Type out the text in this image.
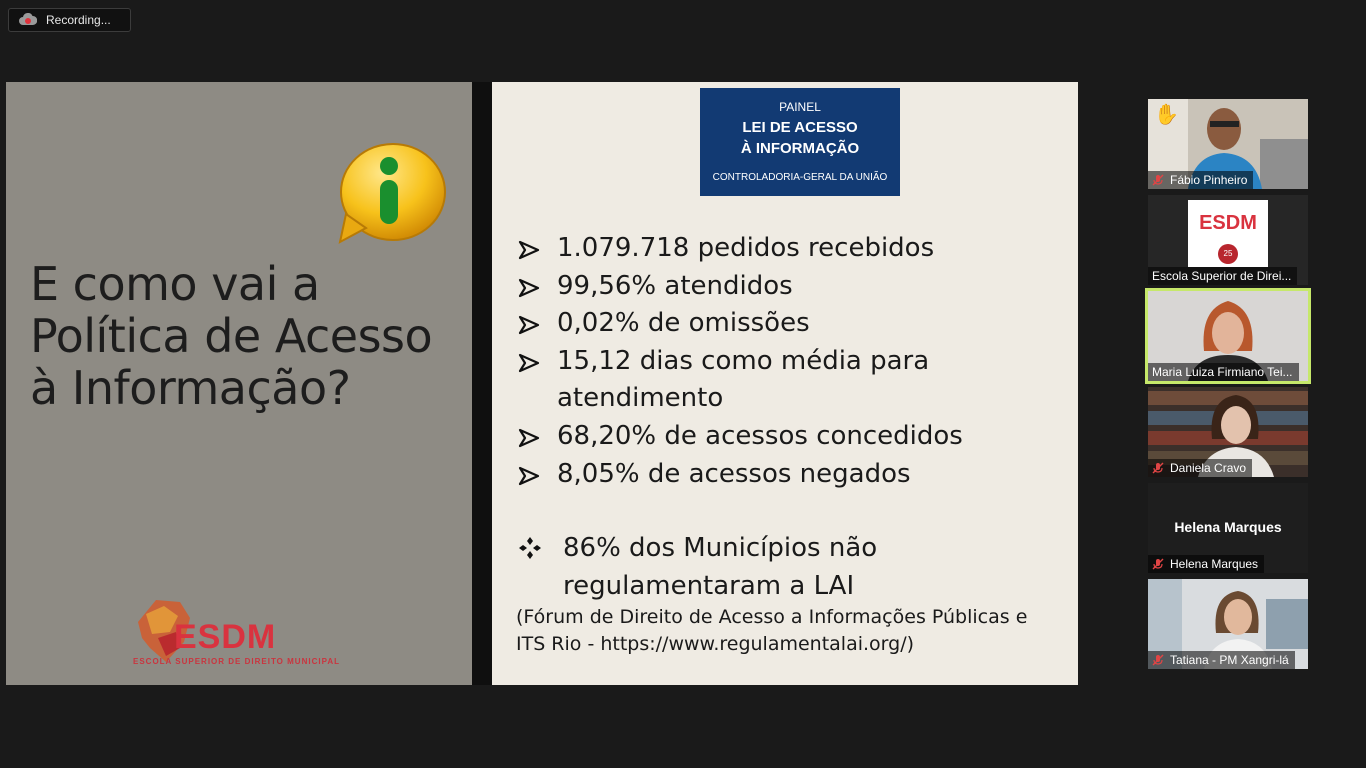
Recording...
E como vai a
Política de Acesso
à Informação?
ESDM
ESCOLA SUPERIOR DE DIREITO MUNICIPAL
PAINEL
LEI DE ACESSO
À INFORMAÇÃO
CONTROLADORIA-GERAL DA UNIÃO
1.079.718 pedidos recebidos
99,56% atendidos
0,02% de omissões
15,12 dias como média para atendimento
68,20% de acessos concedidos
8,05% de acessos negados
86% dos Municípios não regulamentaram a LAI
(Fórum de Direito de Acesso a Informações Públicas e ITS Rio - https://www.regulamentalai.org/)
✋
Fábio Pinheiro
ESDM
25
Escola Superior de Direi...
Maria Luiza Firmiano Tei...
Daniela Cravo
Helena Marques
Helena Marques
Tatiana - PM Xangri-lá
